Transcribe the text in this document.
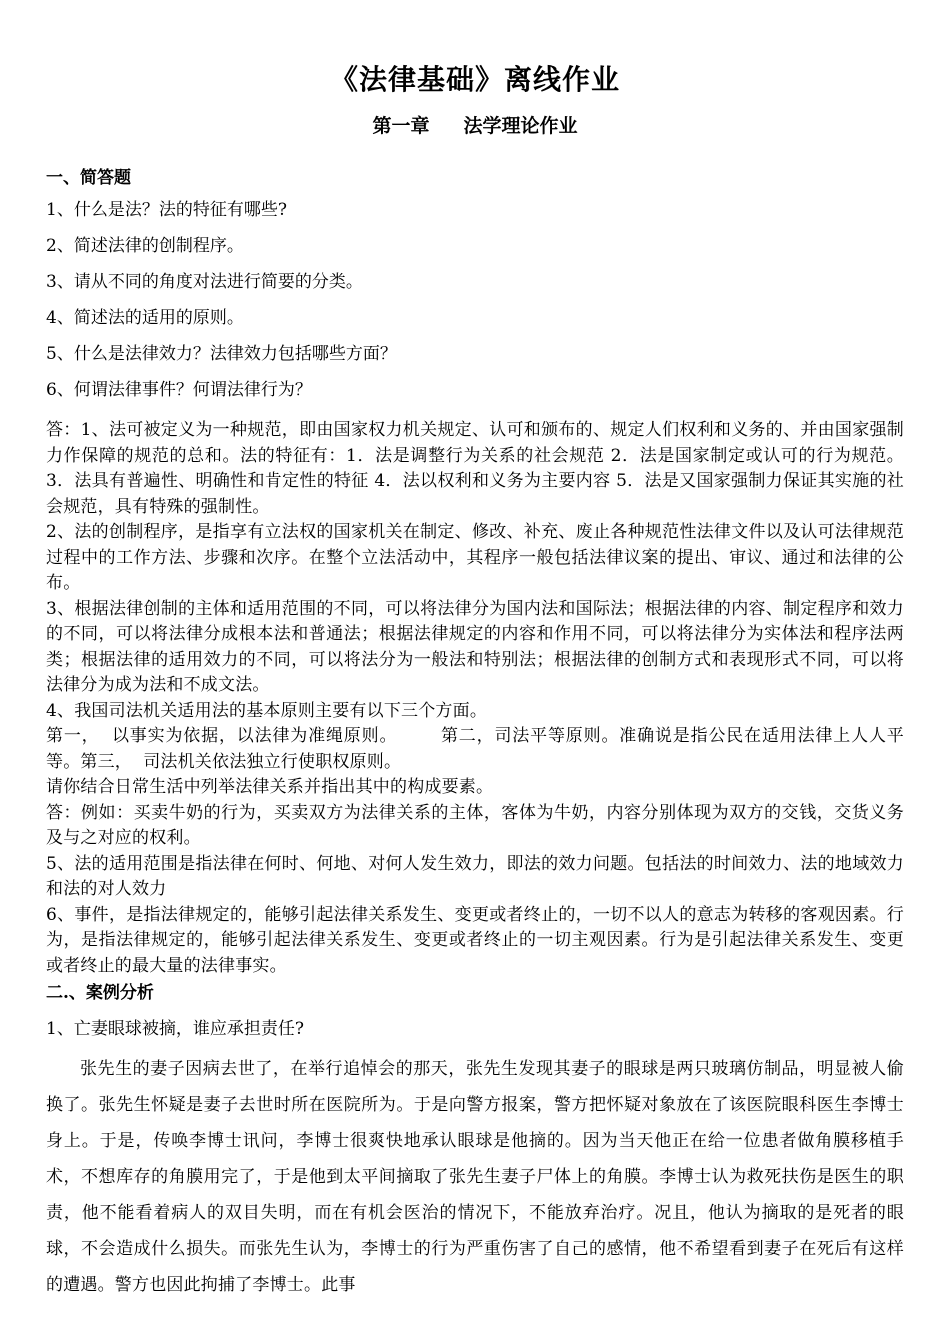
《法律基础》离线作业
第一章 法学理论作业
一、简答题

1、什么是法？法的特征有哪些?

2、简述法律的创制程序。

3、请从不同的角度对法进行简要的分类。

4、简述法的适用的原则。

5、什么是法律效力？法律效力包括哪些方面？

6、何谓法律事件？何谓法律行为？

答：1、法可被定义为一种规范，即由国家权力机关规定、认可和颁布的、规定人们权利和义务的、并由国家强制力作保障的规范的总和。法的特征有：1．法是调整行为关系的社会规范 2．法是国家制定或认可的行为规范。3．法具有普遍性、明确性和肯定性的特征 4．法以权利和义务为主要内容 5．法是又国家强制力保证其实施的社会规范，具有特殊的强制性。

2、法的创制程序，是指享有立法权的国家机关在制定、修改、补充、废止各种规范性法律文件以及认可法律规范过程中的工作方法、步骤和次序。在整个立法活动中，其程序一般包括法律议案的提出、审议、通过和法律的公布。

3、根据法律创制的主体和适用范围的不同，可以将法律分为国内法和国际法；根据法律的内容、制定程序和效力的不同，可以将法律分成根本法和普通法；根据法律规定的内容和作用不同，可以将法律分为实体法和程序法两类；根据法律的适用效力的不同，可以将法分为一般法和特别法；根据法律的创制方式和表现形式不同，可以将法律分为成为法和不成文法。

4、我国司法机关适用法的基本原则主要有以下三个方面。

第一，  以事实为依据，以法律为准绳原则。       第二，司法平等原则。准确说是指公民在适用法律上人人平等。第三，  司法机关依法独立行使职权原则。

请你结合日常生活中列举法律关系并指出其中的构成要素。

答：例如：买卖牛奶的行为，买卖双方为法律关系的主体，客体为牛奶，内容分别体现为双方的交钱，交货义务及与之对应的权利。

5、法的适用范围是指法律在何时、何地、对何人发生效力，即法的效力问题。包括法的时间效力、法的地域效力和法的对人效力

6、事件，是指法律规定的，能够引起法律关系发生、变更或者终止的，一切不以人的意志为转移的客观因素。行为，是指法律规定的，能够引起法律关系发生、变更或者终止的一切主观因素。行为是引起法律关系发生、变更或者终止的最大量的法律事实。

二.、案例分析

1、亡妻眼球被摘，谁应承担责任?

张先生的妻子因病去世了，在举行追悼会的那天，张先生发现其妻子的眼球是两只玻璃仿制品，明显被人偷换了。张先生怀疑是妻子去世时所在医院所为。于是向警方报案，警方把怀疑对象放在了该医院眼科医生李博士身上。于是，传唤李博士讯问，李博士很爽快地承认眼球是他摘的。因为当天他正在给一位患者做角膜移植手术，不想库存的角膜用完了，于是他到太平间摘取了张先生妻子尸体上的角膜。李博士认为救死扶伤是医生的职责，他不能看着病人的双目失明，而在有机会医治的情况下，不能放弃治疗。况且，他认为摘取的是死者的眼球，不会造成什么损失。而张先生认为，李博士的行为严重伤害了自己的感情，他不希望看到妻子在死后有这样的遭遇。警方也因此拘捕了李博士。此事
